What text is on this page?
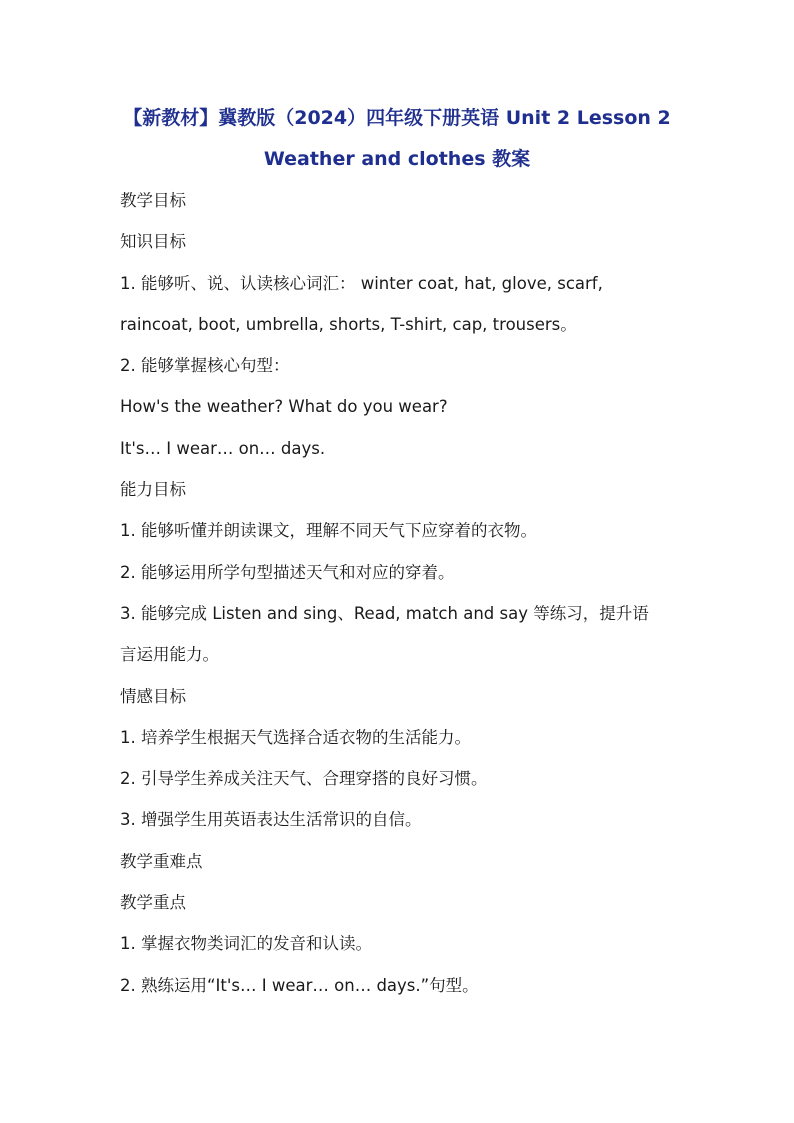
【新教材】冀教版（2024）四年级下册英语 Unit 2 Lesson 2
Weather and clothes 教案
教学目标
知识目标
1. 能够听、说、认读核心词汇： winter coat, hat, glove, scarf,
raincoat, boot, umbrella, shorts, T-shirt, cap, trousers。
2. 能够掌握核心句型：
How's the weather? What do you wear?
It's… I wear… on… days.
能力目标
1. 能够听懂并朗读课文，理解不同天气下应穿着的衣物。
2. 能够运用所学句型描述天气和对应的穿着。
3. 能够完成 Listen and sing、Read, match and say 等练习，提升语
言运用能力。
情感目标
1. 培养学生根据天气选择合适衣物的生活能力。
2. 引导学生养成关注天气、合理穿搭的良好习惯。
3. 增强学生用英语表达生活常识的自信。
教学重难点
教学重点
1. 掌握衣物类词汇的发音和认读。
2. 熟练运用“It's… I wear… on… days.”句型。
